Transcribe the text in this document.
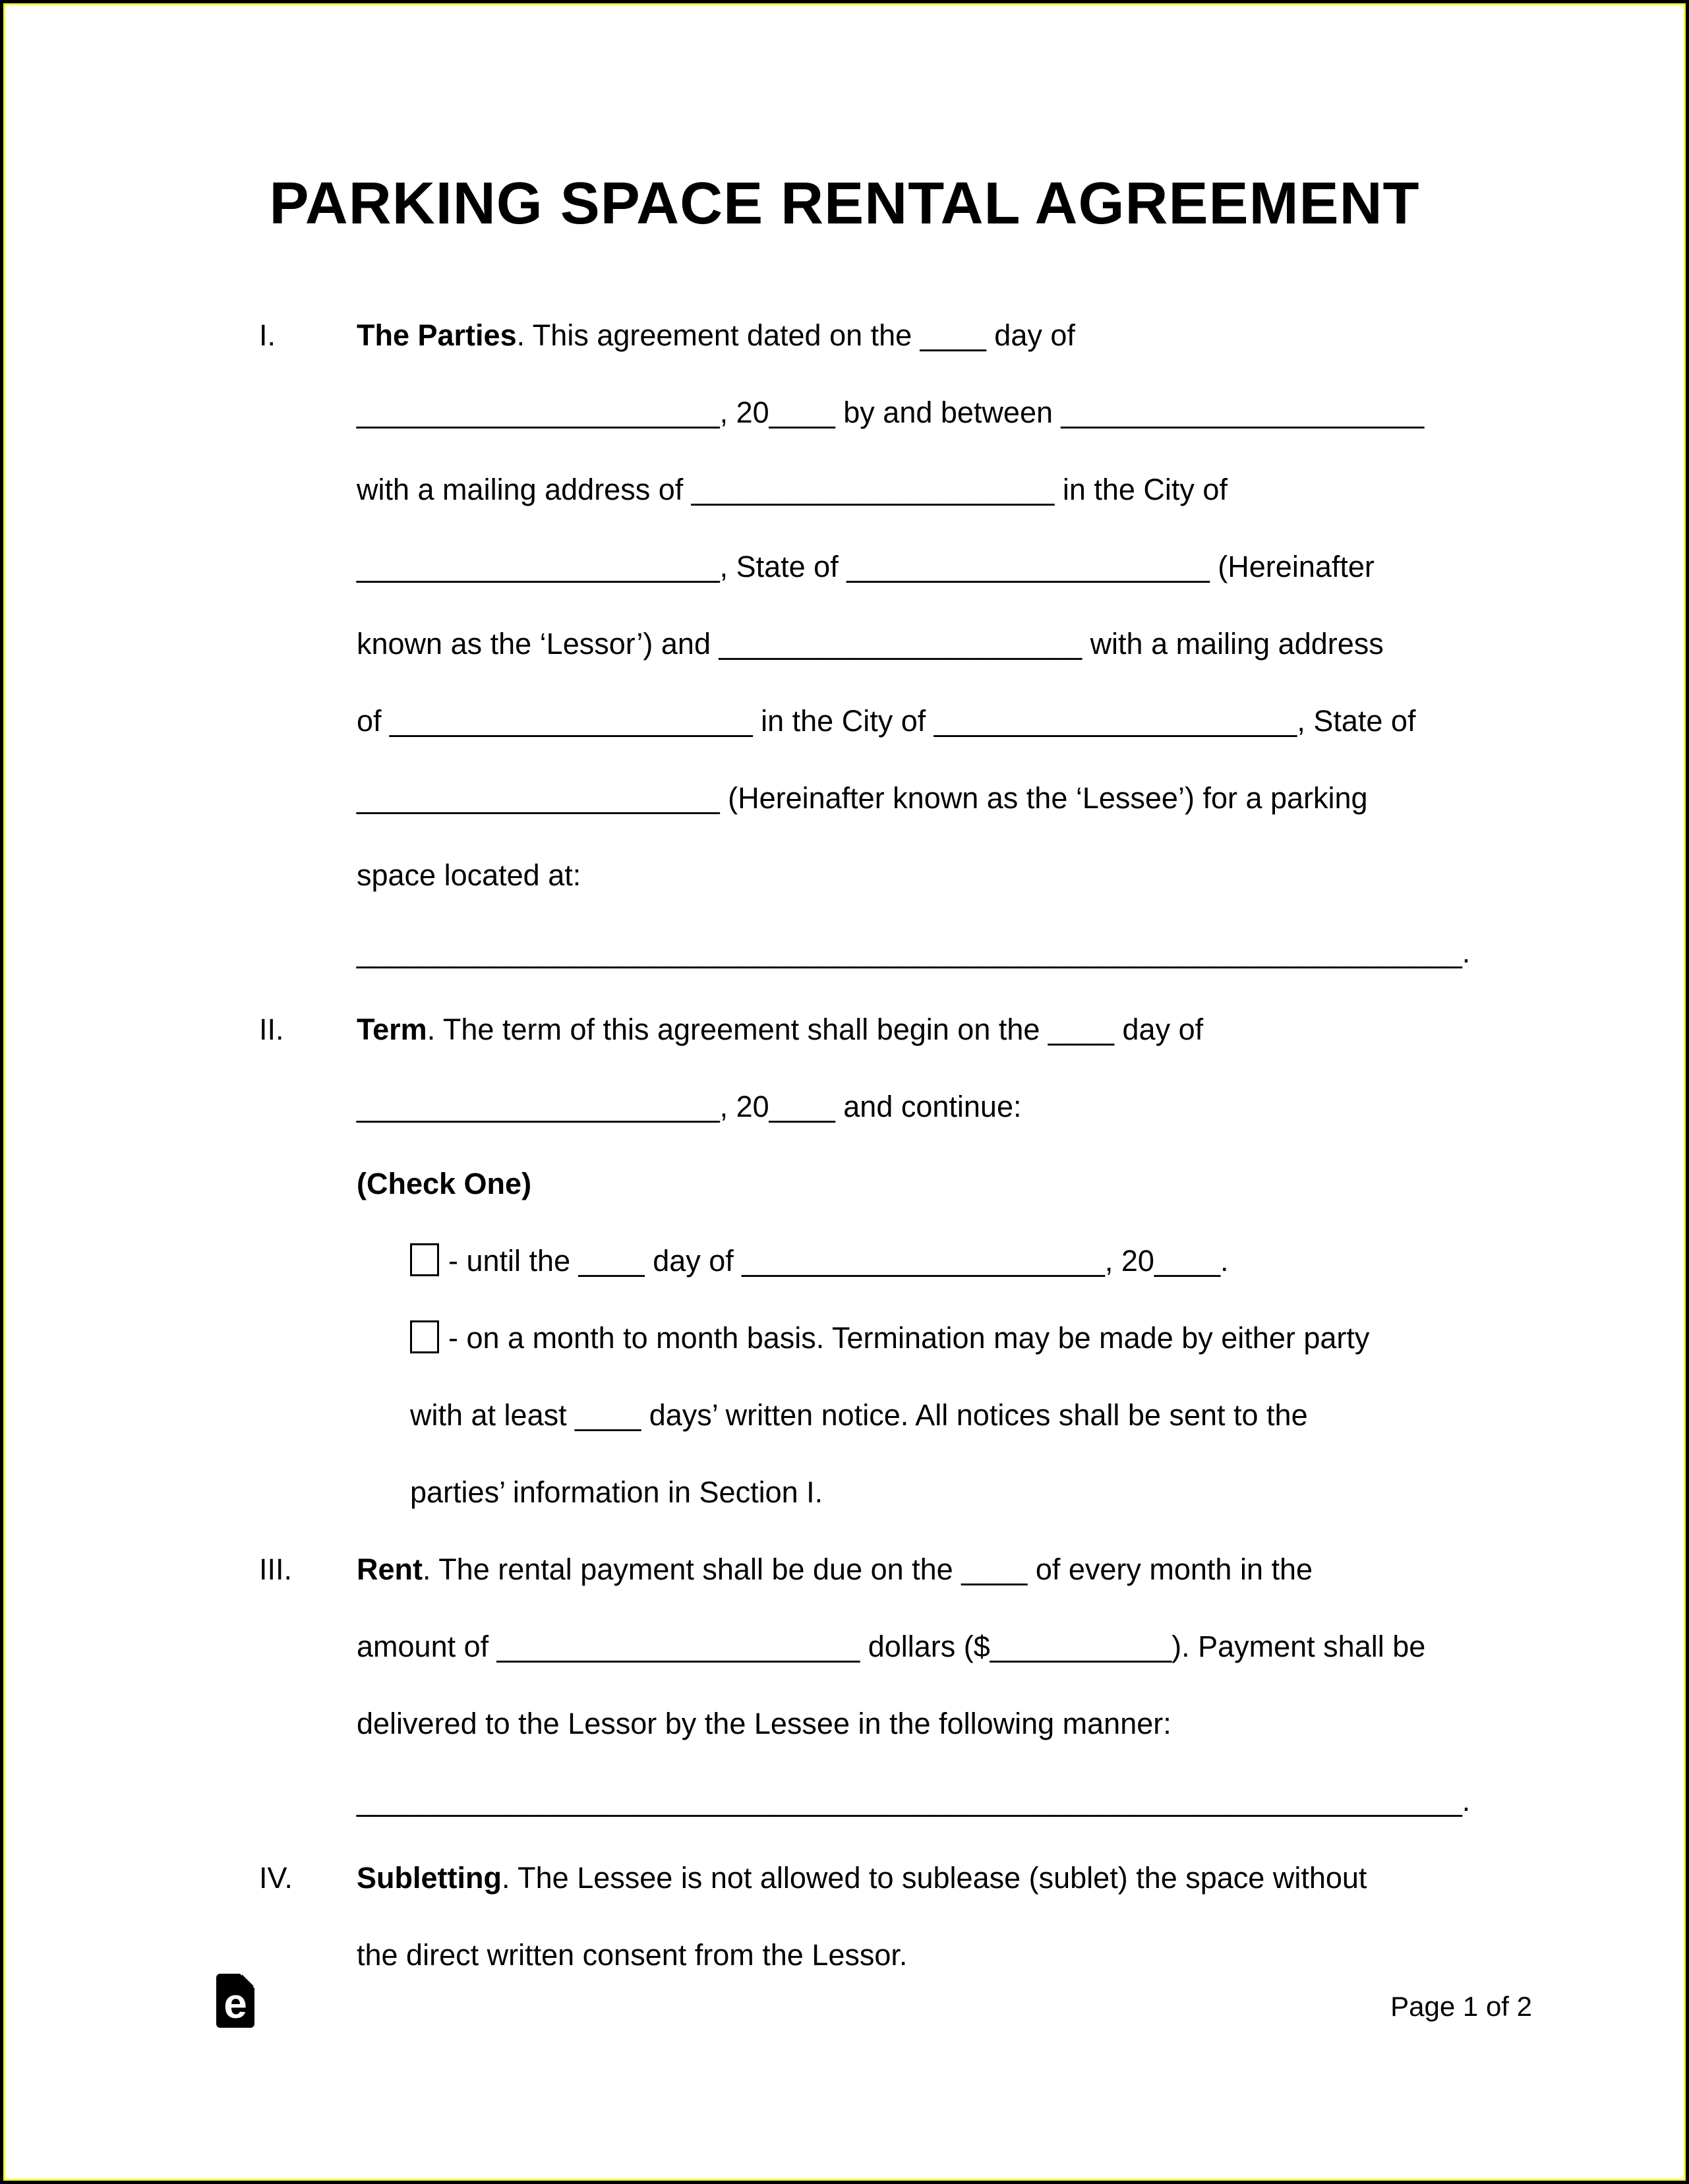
PARKING SPACE RENTAL AGREEMENT
I.	The Parties. This agreement dated on the ____ day of
______________________, 20____ by and between ______________________
with a mailing address of ______________________ in the City of
______________________, State of ______________________ (Hereinafter
known as the ‘Lessor’) and ______________________ with a mailing address
of ______________________ in the City of ______________________, State of
______________________ (Hereinafter known as the ‘Lessee’) for a parking
space located at:
___________________________________________________________________.
II. Term. The term of this agreement shall begin on the ____ day of
______________________, 20____ and continue:
(Check One)
- until the ____ day of ______________________, 20____.
- on a month to month basis. Termination may be made by either party
with at least ____ days’ written notice. All notices shall be sent to the
parties’ information in Section I.
III. Rent. The rental payment shall be due on the ____ of every month in the
amount of ______________________ dollars ($___________). Payment shall be
delivered to the Lessor by the Lessee in the following manner:
___________________________________________________________________.
IV. Subletting. The Lessee is not allowed to sublease (sublet) the space without
the direct written consent from the Lessor.
e	Page 1 of 2
